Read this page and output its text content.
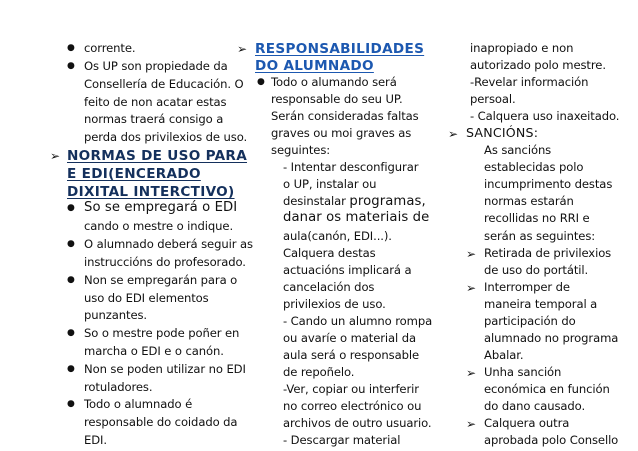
● corrente.
● Os UP son propiedade da
Consellería de Educación. O
feito de non acatar estas
normas traerá consigo a
perda dos privilexios de uso.
➢ NORMAS DE USO PARA
E EDI(ENCERADO
DIXITAL INTERCTIVO)
● So se empregará o EDI
cando o mestre o indique.
● O alumnado deberá seguir as
instruccións do profesorado.
● Non se empregarán para o
uso do EDI elementos
punzantes.
● So o mestre pode poñer en
marcha o EDI e o canón.
● Non se poden utilizar no EDI
rotuladores.
● Todo o alumnado é
responsable do coidado da
EDI.
➢ RESPONSABILIDADES
DO ALUMNADO
● Todo o alumando será
responsable do seu UP.
Serán consideradas faltas
graves ou moi graves as
seguintes:
- Intentar desconfigurar
o UP, instalar ou
desinstalar programas,
danar os materiais de
aula(canón, EDI...).
Calquera destas
actuacións implicará a
cancelación dos
privilexios de uso.
- Cando un alumno rompa
ou avaríe o material da
aula será o responsable
de repoñelo.
-Ver, copiar ou interferir
no correo electrónico ou
archivos de outro usuario.
- Descargar material
inapropiado e non
autorizado polo mestre.
-Revelar información
persoal.
- Calquera uso inaxeitado.
➢ SANCIÓNS:
As sancións
establecidas polo
incumprimento destas
normas estarán
recollidas no RRI e
serán as seguintes:
➢ Retirada de privilexios
de uso do portátil.
➢ Interromper de
maneira temporal a
participación do
alumnado no programa
Abalar.
➢ Unha sanción
económica en función
do dano causado.
Calquera outra
➢
aprobada polo Consello
